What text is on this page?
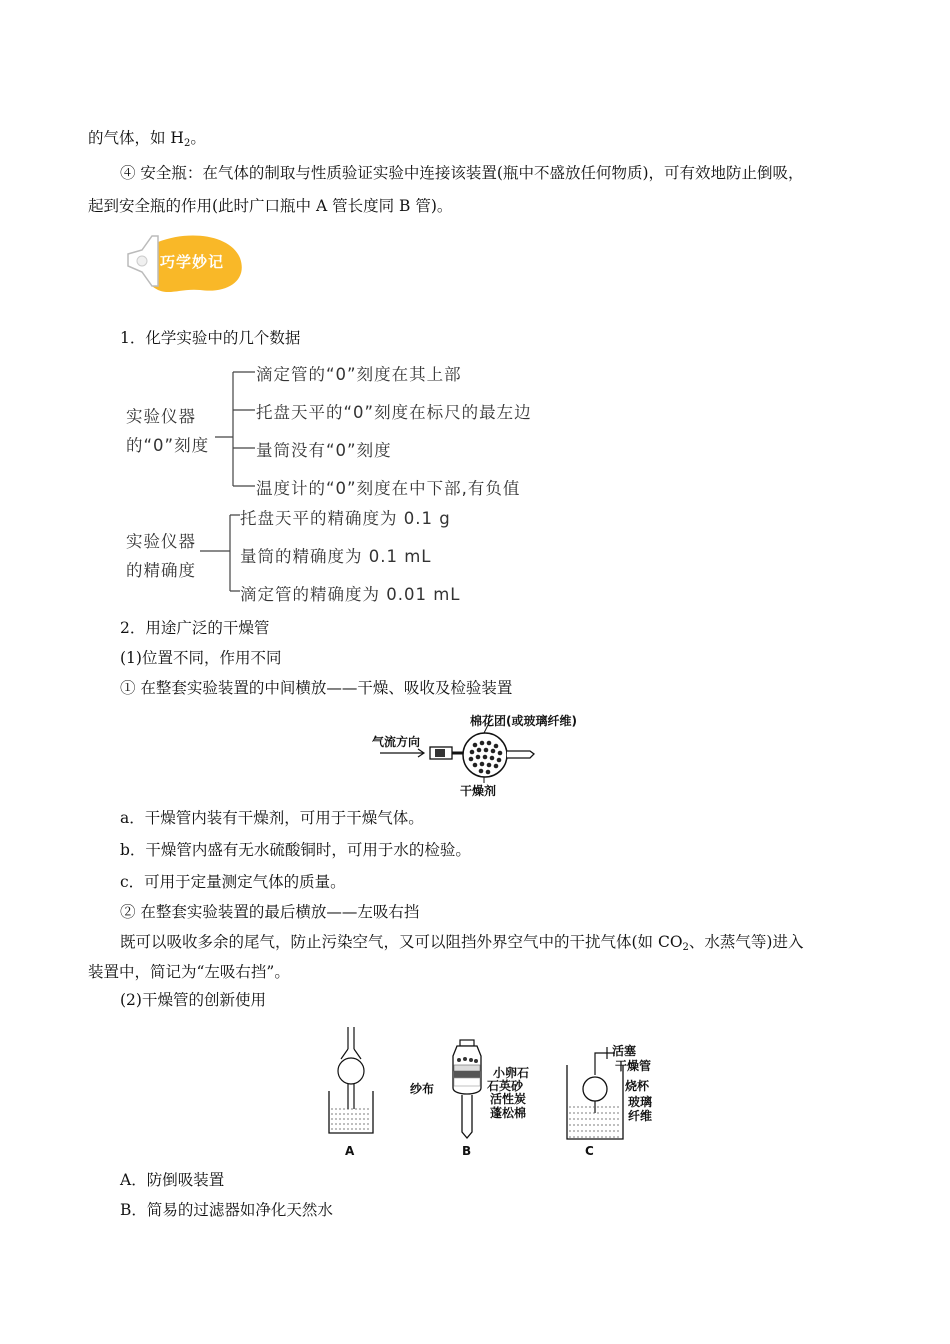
的气体，如 $H_2$。
④ 安全瓶：在气体的制取与性质验证实验中连接该装置(瓶中不盛放任何物质)，可有效地防止倒吸，
起到安全瓶的作用(此时广口瓶中 A 管长度同 B 管)。
巧学妙记
1．化学实验中的几个数据
实验仪器
的“0”刻度
滴定管的“0”刻度在其上部
托盘天平的“0”刻度在标尺的最左边
量筒没有“0”刻度
温度计的“0”刻度在中下部,有负值
实验仪器
的精确度
托盘天平的精确度为 0.1 g
量筒的精确度为 0.1 mL
滴定管的精确度为 0.01 mL
2．用途广泛的干燥管
(1)位置不同，作用不同
① 在整套实验装置的中间横放——干燥、吸收及检验装置
气流方向
棉花团(或玻璃纤维)
干燥剂
a．干燥管内装有干燥剂，可用于干燥气体。
b．干燥管内盛有无水硫酸铜时，可用于水的检验。
c．可用于定量测定气体的质量。
② 在整套实验装置的最后横放——左吸右挡
既可以吸收多余的尾气，防止污染空气，又可以阻挡外界空气中的干扰气体(如 $CO_2$、水蒸气等)进入
装置中，简记为“左吸右挡”。
(2)干燥管的创新使用
A	B	C
纱布
小卵石
石英砂
活性炭
蓬松棉
活塞
干燥管
烧杯
玻璃
纤维
A．防倒吸装置
B．简易的过滤器如净化天然水
